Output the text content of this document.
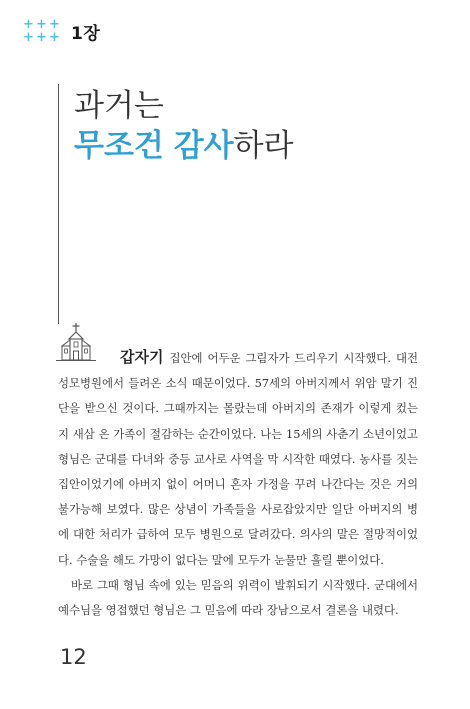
+ + +
+ + + 1장
과거는
무조건 감사하라

갑자기 집안에 어두운 그림자가 드리우기 시작했다. 대전 성모병원에서 들려온 소식 때문이었다. 57세의 아버지께서 위암 말기 진단을 받으신 것이다. 그때까지는 몰랐는데 아버지의 존재가 이렇게 컸는지 새삼 온 가족이 절감하는 순간이었다. 나는 15세의 사춘기 소년이었고 형님은 군대를 다녀와 중등 교사로 사역을 막 시작한 때였다. 농사를 짓는 집안이었기에 아버지 없이 어머니 혼자 가정을 꾸려 나간다는 것은 거의 불가능해 보였다. 많은 상념이 가족들을 사로잡았지만 일단 아버지의 병에 대한 처리가 급하여 모두 병원으로 달려갔다. 의사의 말은 절망적이었다. 수술을 해도 가망이 없다는 말에 모두가 눈물만 흘릴 뿐이었다.

바로 그때 형님 속에 있는 믿음의 위력이 발휘되기 시작했다. 군대에서 예수님을 영접했던 형님은 그 믿음에 따라 장남으로서 결론을 내렸다.

12
